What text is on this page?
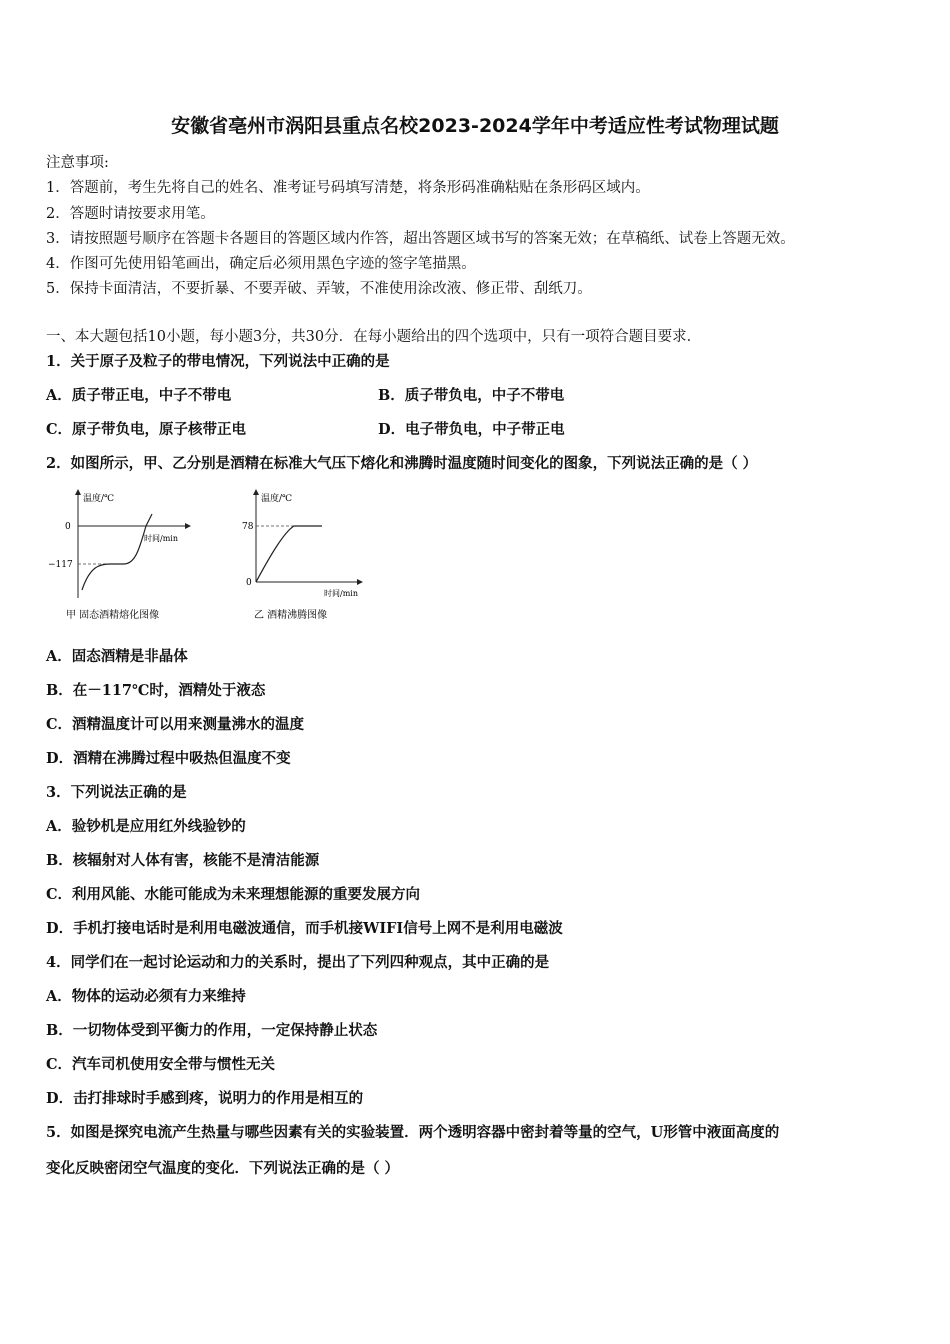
安徽省亳州市涡阳县重点名校2023-2024学年中考适应性考试物理试题
注意事项:
1．答题前，考生先将自己的姓名、准考证号码填写清楚，将条形码准确粘贴在条形码区域内。
2．答题时请按要求用笔。
3．请按照题号顺序在答题卡各题目的答题区域内作答，超出答题区域书写的答案无效；在草稿纸、试卷上答题无效。
4．作图可先使用铅笔画出，确定后必须用黑色字迹的签字笔描黑。
5．保持卡面清洁，不要折暴、不要弄破、弄皱，不准使用涂改液、修正带、刮纸刀。
一、本大题包括10小题，每小题3分，共30分．在每小题给出的四个选项中，只有一项符合题目要求．
1．关于原子及粒子的带电情况，下列说法中正确的是
A．质子带正电，中子不带电	B．质子带负电，中子不带电
C．原子带负电，原子核带正电	D．电子带负电，中子带正电
2．如图所示，甲、乙分别是酒精在标准大气压下熔化和沸腾时温度随时间变化的图象，下列说法正确的是（ ）
温度/℃
时间/min
0
−117
甲 固态酒精熔化图像
温度/℃
时间/min
78
0
乙 酒精沸腾图像
A．固态酒精是非晶体
B．在－117℃时，酒精处于液态
C．酒精温度计可以用来测量沸水的温度
D．酒精在沸腾过程中吸热但温度不变
3．下列说法正确的是
A．验钞机是应用红外线验钞的
B．核辐射对人体有害，核能不是清洁能源
C．利用风能、水能可能成为未来理想能源的重要发展方向
D．手机打接电话时是利用电磁波通信，而手机接WIFI信号上网不是利用电磁波
4．同学们在一起讨论运动和力的关系时，提出了下列四种观点，其中正确的是
A．物体的运动必须有力来维持
B．一切物体受到平衡力的作用，一定保持静止状态
C．汽车司机使用安全带与惯性无关
D．击打排球时手感到疼，说明力的作用是相互的
5．如图是探究电流产生热量与哪些因素有关的实验装置．两个透明容器中密封着等量的空气，U形管中液面高度的
变化反映密闭空气温度的变化．下列说法正确的是（ ）
